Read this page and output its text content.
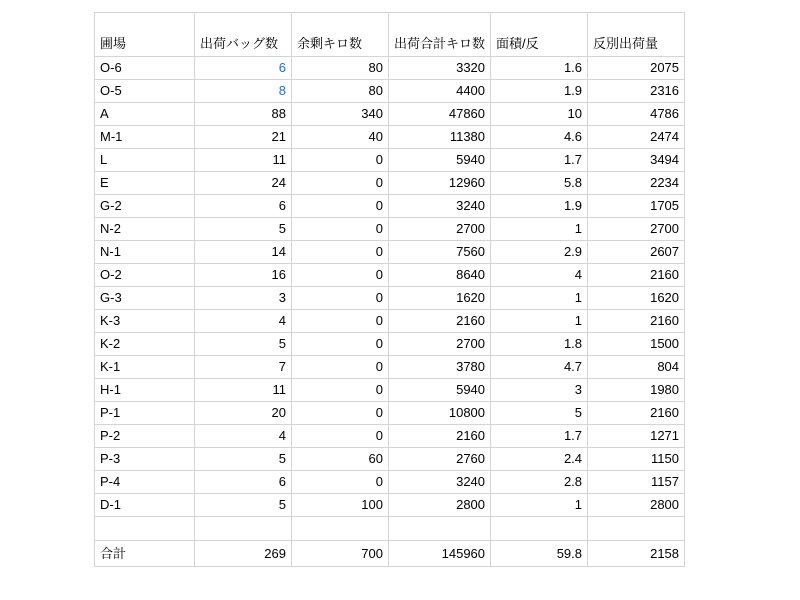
圃場	出荷バッグ数	余剰キロ数	出荷合計キロ数	面積/反	反別出荷量
O-6	6	80	3320	1.6	2075
O-5	8	80	4400	1.9	2316
A	88	340	47860	10	4786
M-1	21	40	11380	4.6	2474
L	11	0	5940	1.7	3494
E	24	0	12960	5.8	2234
G-2	6	0	3240	1.9	1705
N-2	5	0	2700	1	2700
N-1	14	0	7560	2.9	2607
O-2	16	0	8640	4	2160
G-3	3	0	1620	1	1620
K-3	4	0	2160	1	2160
K-2	5	0	2700	1.8	1500
K-1	7	0	3780	4.7	804
H-1	11	0	5940	3	1980
P-1	20	0	10800	5	2160
P-2	4	0	2160	1.7	1271
P-3	5	60	2760	2.4	1150
P-4	6	0	3240	2.8	1157
D-1	5	100	2800	1	2800

合計	269	700	145960	59.8	2158
